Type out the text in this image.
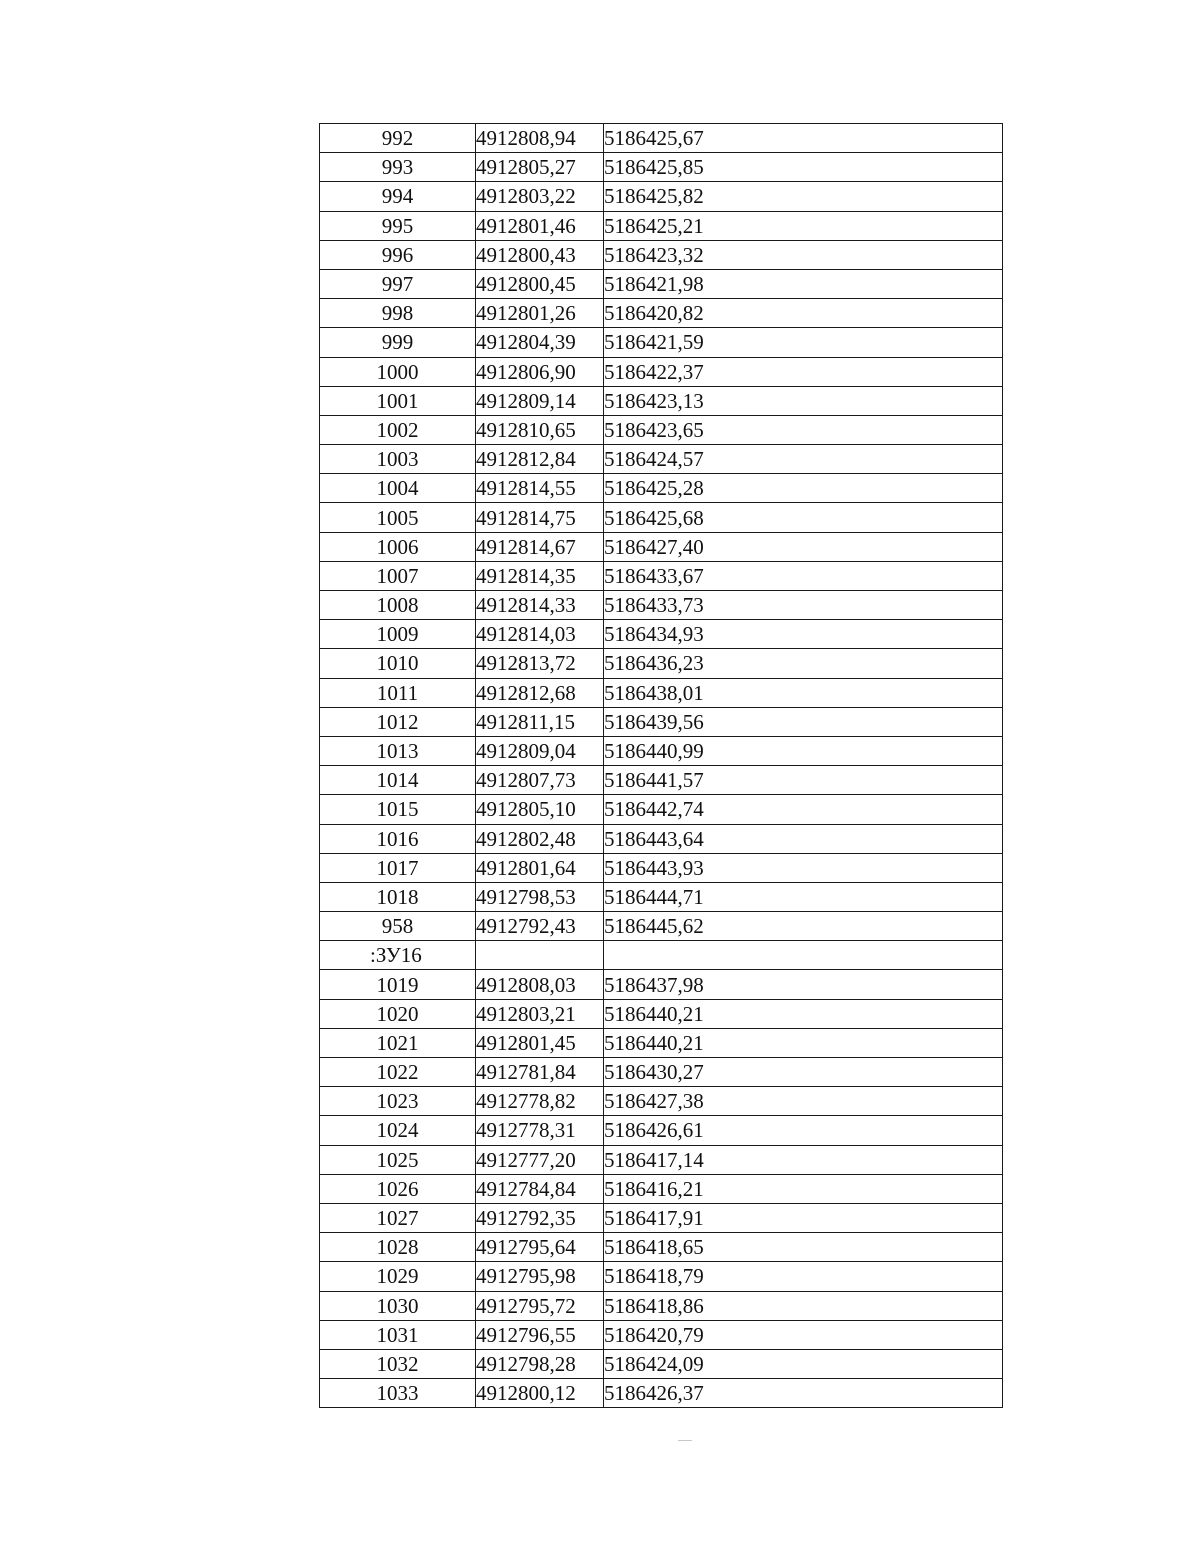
992	4912808,94	5186425,67
993	4912805,27	5186425,85
994	4912803,22	5186425,82
995	4912801,46	5186425,21
996	4912800,43	5186423,32
997	4912800,45	5186421,98
998	4912801,26	5186420,82
999	4912804,39	5186421,59
1000	4912806,90	5186422,37
1001	4912809,14	5186423,13
1002	4912810,65	5186423,65
1003	4912812,84	5186424,57
1004	4912814,55	5186425,28
1005	4912814,75	5186425,68
1006	4912814,67	5186427,40
1007	4912814,35	5186433,67
1008	4912814,33	5186433,73
1009	4912814,03	5186434,93
1010	4912813,72	5186436,23
1011	4912812,68	5186438,01
1012	4912811,15	5186439,56
1013	4912809,04	5186440,99
1014	4912807,73	5186441,57
1015	4912805,10	5186442,74
1016	4912802,48	5186443,64
1017	4912801,64	5186443,93
1018	4912798,53	5186444,71
958	4912792,43	5186445,62
:ЗУ16		
1019	4912808,03	5186437,98
1020	4912803,21	5186440,21
1021	4912801,45	5186440,21
1022	4912781,84	5186430,27
1023	4912778,82	5186427,38
1024	4912778,31	5186426,61
1025	4912777,20	5186417,14
1026	4912784,84	5186416,21
1027	4912792,35	5186417,91
1028	4912795,64	5186418,65
1029	4912795,98	5186418,79
1030	4912795,72	5186418,86
1031	4912796,55	5186420,79
1032	4912798,28	5186424,09
1033	4912800,12	5186426,37
